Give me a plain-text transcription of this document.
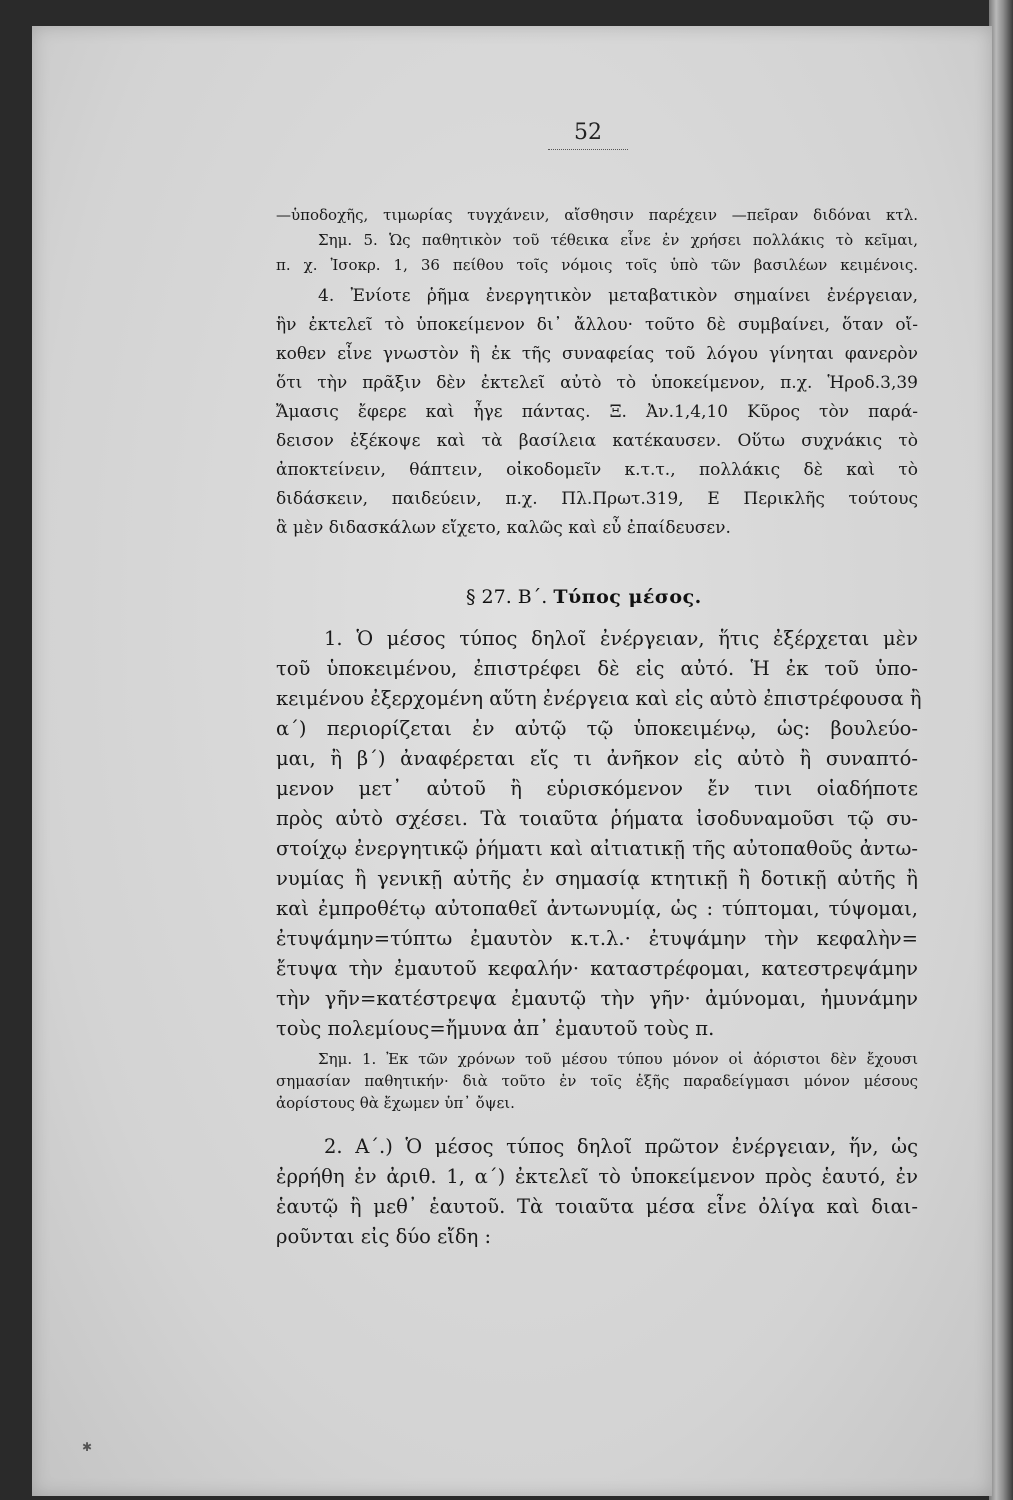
52
—ὑποδοχῆς, τιμωρίας τυγχάνειν, αἴσθησιν παρέχειν —πεῖραν διδόναι κτλ.
Σημ. 5. Ὡς παθητικὸν τοῦ τέθεικα εἶνε ἐν χρήσει πολλάκις τὸ κεῖμαι,
π. χ. Ἰσοκρ. 1, 36 πείθου τοῖς νόμοις τοῖς ὑπὸ τῶν βασιλέων κειμένοις.
4. Ἐνίοτε ῥῆμα ἐνεργητικὸν μεταβατικὸν σημαίνει ἐνέργειαν,
ἣν ἐκτελεῖ τὸ ὑποκείμενον δι᾽ ἄλλου· τοῦτο δὲ συμβαίνει, ὅταν οἴ-
κοθεν εἶνε γνωστὸν ἢ ἐκ τῆς συναφείας τοῦ λόγου γίνηται φανερὸν
ὅτι τὴν πρᾶξιν δὲν ἐκτελεῖ αὐτὸ τὸ ὑποκείμενον, π.χ. Ἡροδ.3,39
Ἄμασις ἔφερε καὶ ἦγε πάντας. Ξ. Ἀν.1,4,10 Κῦρος τὸν παρά-
δεισον ἐξέκοψε καὶ τὰ βασίλεια κατέκαυσεν. Οὕτω συχνάκις τὸ
ἀποκτείνειν, θάπτειν, οἰκοδομεῖν κ.τ.τ., πολλάκις δὲ καὶ τὸ
διδάσκειν, παιδεύειν, π.χ. Πλ.Πρωτ.319, Ε Περικλῆς τούτους
ἃ μὲν διδασκάλων εἴχετο, καλῶς καὶ εὖ ἐπαίδευσεν.
§ 27. Β΄. Τύπος μέσος.
1. Ὁ μέσος τύπος δηλοῖ ἐνέργειαν, ἥτις ἐξέρχεται μὲν
τοῦ ὑποκειμένου, ἐπιστρέφει δὲ εἰς αὐτό. Ἡ ἐκ τοῦ ὑπο-
κειμένου ἐξερχομένη αὕτη ἐνέργεια καὶ εἰς αὐτὸ ἐπιστρέφουσα ἢ
α΄) περιορίζεται ἐν αὐτῷ τῷ ὑποκειμένῳ, ὡς: βουλεύο-
μαι, ἢ β΄) ἀναφέρεται εἴς τι ἀνῆκον εἰς αὐτὸ ἢ συναπτό-
μενον μετ᾽ αὐτοῦ ἢ εὑρισκόμενον ἔν τινι οἱαδήποτε
πρὸς αὐτὸ σχέσει. Τὰ τοιαῦτα ῥήματα ἰσοδυναμοῦσι τῷ συ-
στοίχῳ ἐνεργητικῷ ῥήματι καὶ αἰτιατικῇ τῆς αὐτοπαθοῦς ἀντω-
νυμίας ἢ γενικῇ αὐτῆς ἐν σημασίᾳ κτητικῇ ἢ δοτικῇ αὐτῆς ἢ
καὶ ἐμπροθέτῳ αὐτοπαθεῖ ἀντωνυμίᾳ, ὡς : τύπτομαι, τύψομαι,
ἐτυψάμην=τύπτω ἐμαυτὸν κ.τ.λ.· ἐτυψάμην τὴν κεφαλὴν=
ἔτυψα τὴν ἐμαυτοῦ κεφαλήν· καταστρέφομαι, κατεστρεψάμην
τὴν γῆν=κατέστρεψα ἐμαυτῷ τὴν γῆν· ἀμύνομαι, ἠμυνάμην
τοὺς πολεμίους=ἤμυνα ἀπ᾽ ἐμαυτοῦ τοὺς π.
Σημ. 1. Ἐκ τῶν χρόνων τοῦ μέσου τύπου μόνον οἱ ἀόριστοι δὲν ἔχουσι
σημασίαν παθητικήν· διὰ τοῦτο ἐν τοῖς ἑξῆς παραδείγμασι μόνον μέσους
ἀορίστους θὰ ἔχωμεν ὑπ᾽ ὄψει.
2. Α΄.) Ὁ μέσος τύπος δηλοῖ πρῶτον ἐνέργειαν, ἥν, ὡς
ἐρρήθη ἐν ἀριθ. 1, α΄) ἐκτελεῖ τὸ ὑποκείμενον πρὸς ἑαυτό, ἐν
ἑαυτῷ ἢ μεθ᾽ ἑαυτοῦ. Τὰ τοιαῦτα μέσα εἶνε ὀλίγα καὶ διαι-
ροῦνται εἰς δύο εἴδη :
✱
